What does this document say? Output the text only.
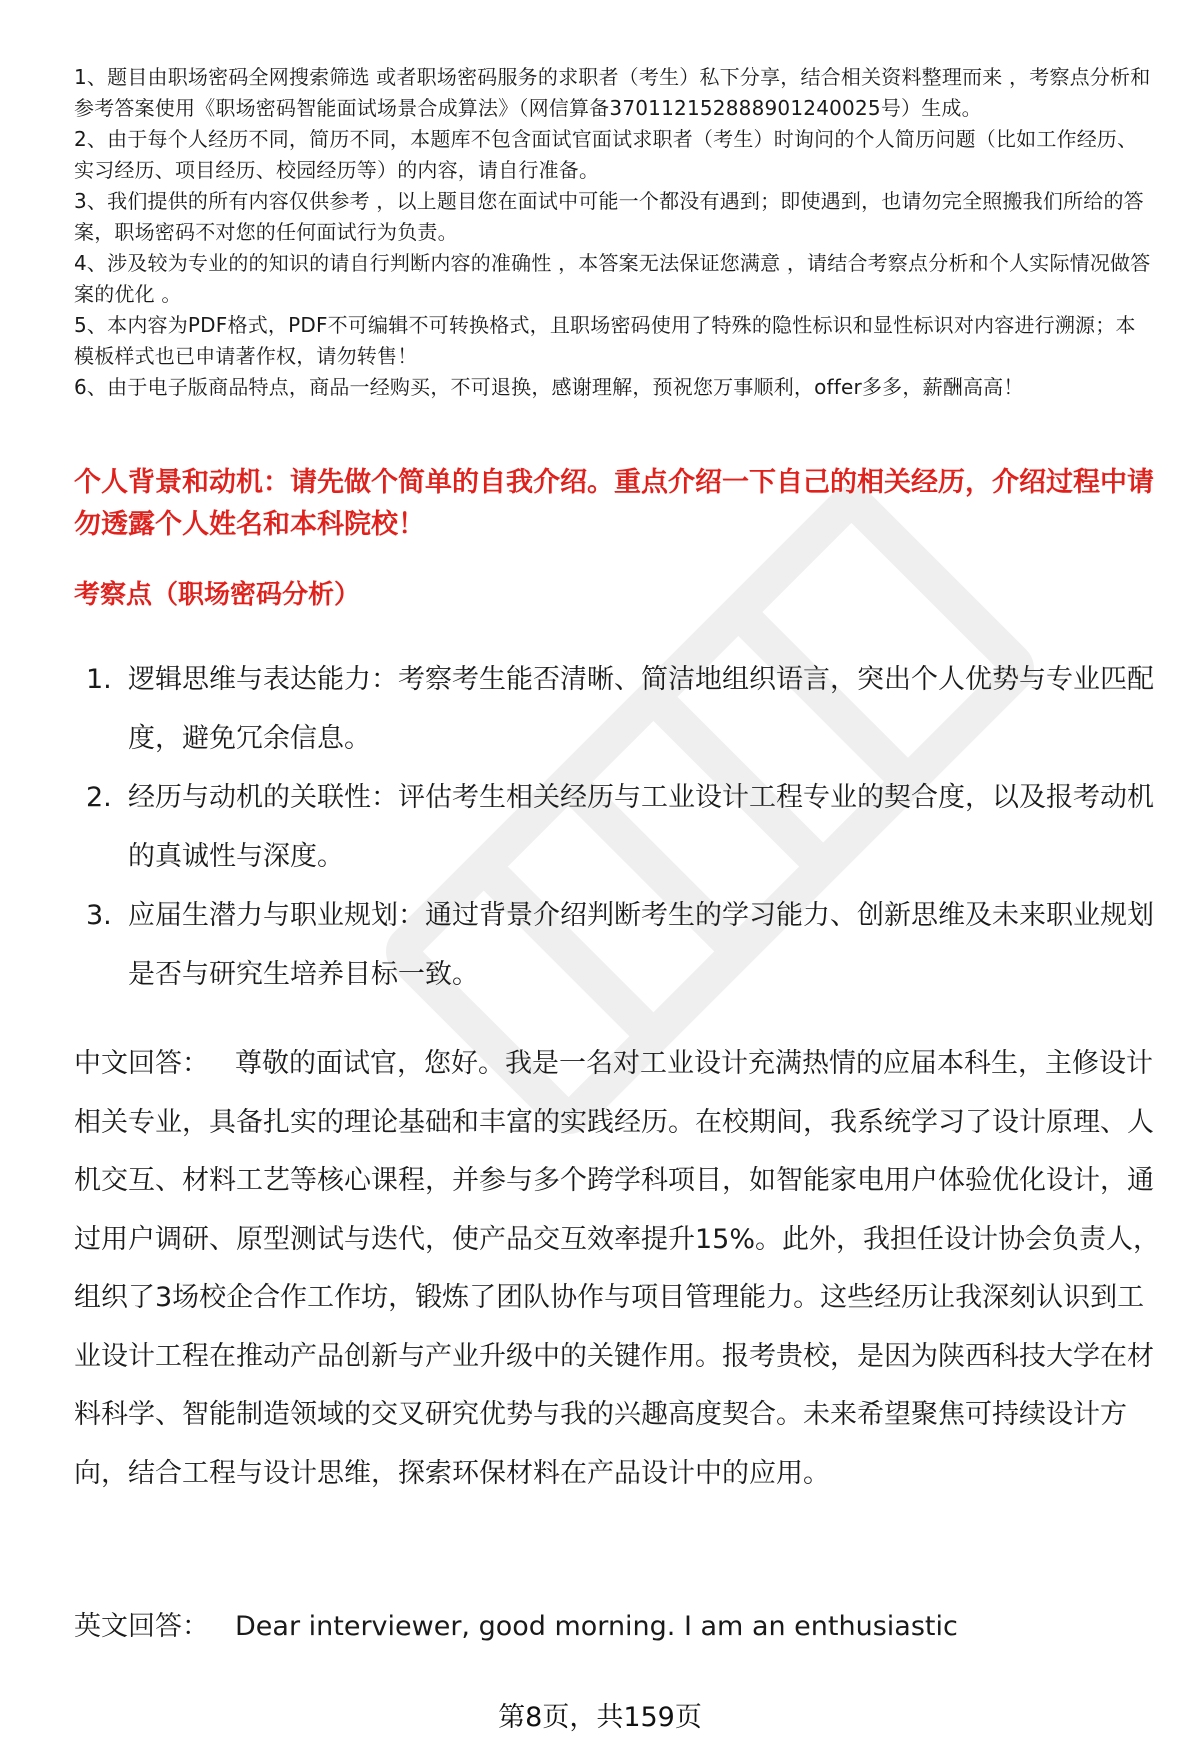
1、题目由职场密码全网搜索筛选 或者职场密码服务的求职者（考生）私下分享，结合相关资料整理而来 ，考察点分析和参考答案使用《职场密码智能面试场景合成算法》（网信算备370112152888901240025号）生成。

2、由于每个人经历不同，简历不同，本题库不包含面试官面试求职者（考生）时询问的个人简历问题（比如工作经历、实习经历、项目经历、校园经历等）的内容，请自行准备。

3、我们提供的所有内容仅供参考 ，以上题目您在面试中可能一个都没有遇到；即使遇到，也请勿完全照搬我们所给的答案，职场密码不对您的任何面试行为负责。

4、涉及较为专业的的知识的请自行判断内容的准确性 ，本答案无法保证您满意 ，请结合考察点分析和个人实际情况做答案的优化 。

5、本内容为PDF格式，PDF不可编辑不可转换格式，且职场密码使用了特殊的隐性标识和显性标识对内容进行溯源；本模板样式也已申请著作权，请勿转售！

6、由于电子版商品特点，商品一经购买，不可退换，感谢理解，预祝您万事顺利，offer多多，薪酬高高！

个人背景和动机：请先做个简单的自我介绍。重点介绍一下自己的相关经历，介绍过程中请勿透露个人姓名和本科院校！
考察点（职场密码分析）
1. 逻辑思维与表达能力：考察考生能否清晰、简洁地组织语言，突出个人优势与专业匹配度，避免冗余信息。
2. 经历与动机的关联性：评估考生相关经历与工业设计工程专业的契合度，以及报考动机的真诚性与深度。
3. 应届生潜力与职业规划：通过背景介绍判断考生的学习能力、创新思维及未来职业规划是否与研究生培养目标一致。

中文回答： 尊敬的面试官，您好。我是一名对工业设计充满热情的应届本科生，主修设计相关专业，具备扎实的理论基础和丰富的实践经历。在校期间，我系统学习了设计原理、人机交互、材料工艺等核心课程，并参与多个跨学科项目，如智能家电用户体验优化设计，通过用户调研、原型测试与迭代，使产品交互效率提升15%。此外，我担任设计协会负责人，组织了3场校企合作工作坊，锻炼了团队协作与项目管理能力。这些经历让我深刻认识到工业设计工程在推动产品创新与产业升级中的关键作用。报考贵校，是因为陕西科技大学在材料科学、智能制造领域的交叉研究优势与我的兴趣高度契合。未来希望聚焦可持续设计方向，结合工程与设计思维，探索环保材料在产品设计中的应用。

英文回答： Dear interviewer, good morning. I am an enthusiastic

第8页，共159页
